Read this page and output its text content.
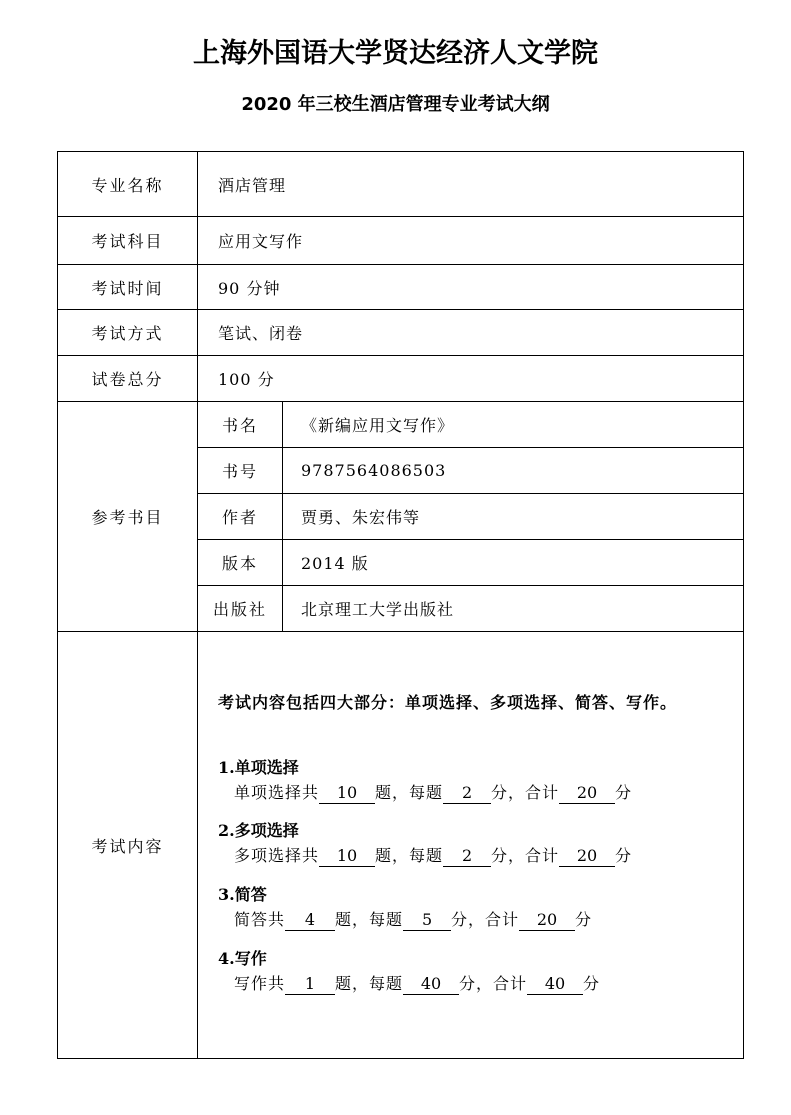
上海外国语大学贤达经济人文学院
2020 年三校生酒店管理专业考试大纲
专业名称	酒店管理
考试科目	应用文写作
考试时间	90 分钟
考试方式	笔试、闭卷
试卷总分	100 分
参考书目	
书名	《新编应用文写作》
书号	9787564086503
作者	贾勇、朱宏伟等
版本	2014 版
出版社	北京理工大学出版社

考试内容	
考试内容包括四大部分：单项选择、多项选择、简答、写作。
1.单项选择
单项选择共 10 题，每题 2 分，合计 20 分
2.多项选择
多项选择共 10 题，每题 2 分，合计 20 分
3.简答
简答共 4 题，每题 5 分，合计 20 分
4.写作
写作共 1 题，每题 40 分，合计 40 分
